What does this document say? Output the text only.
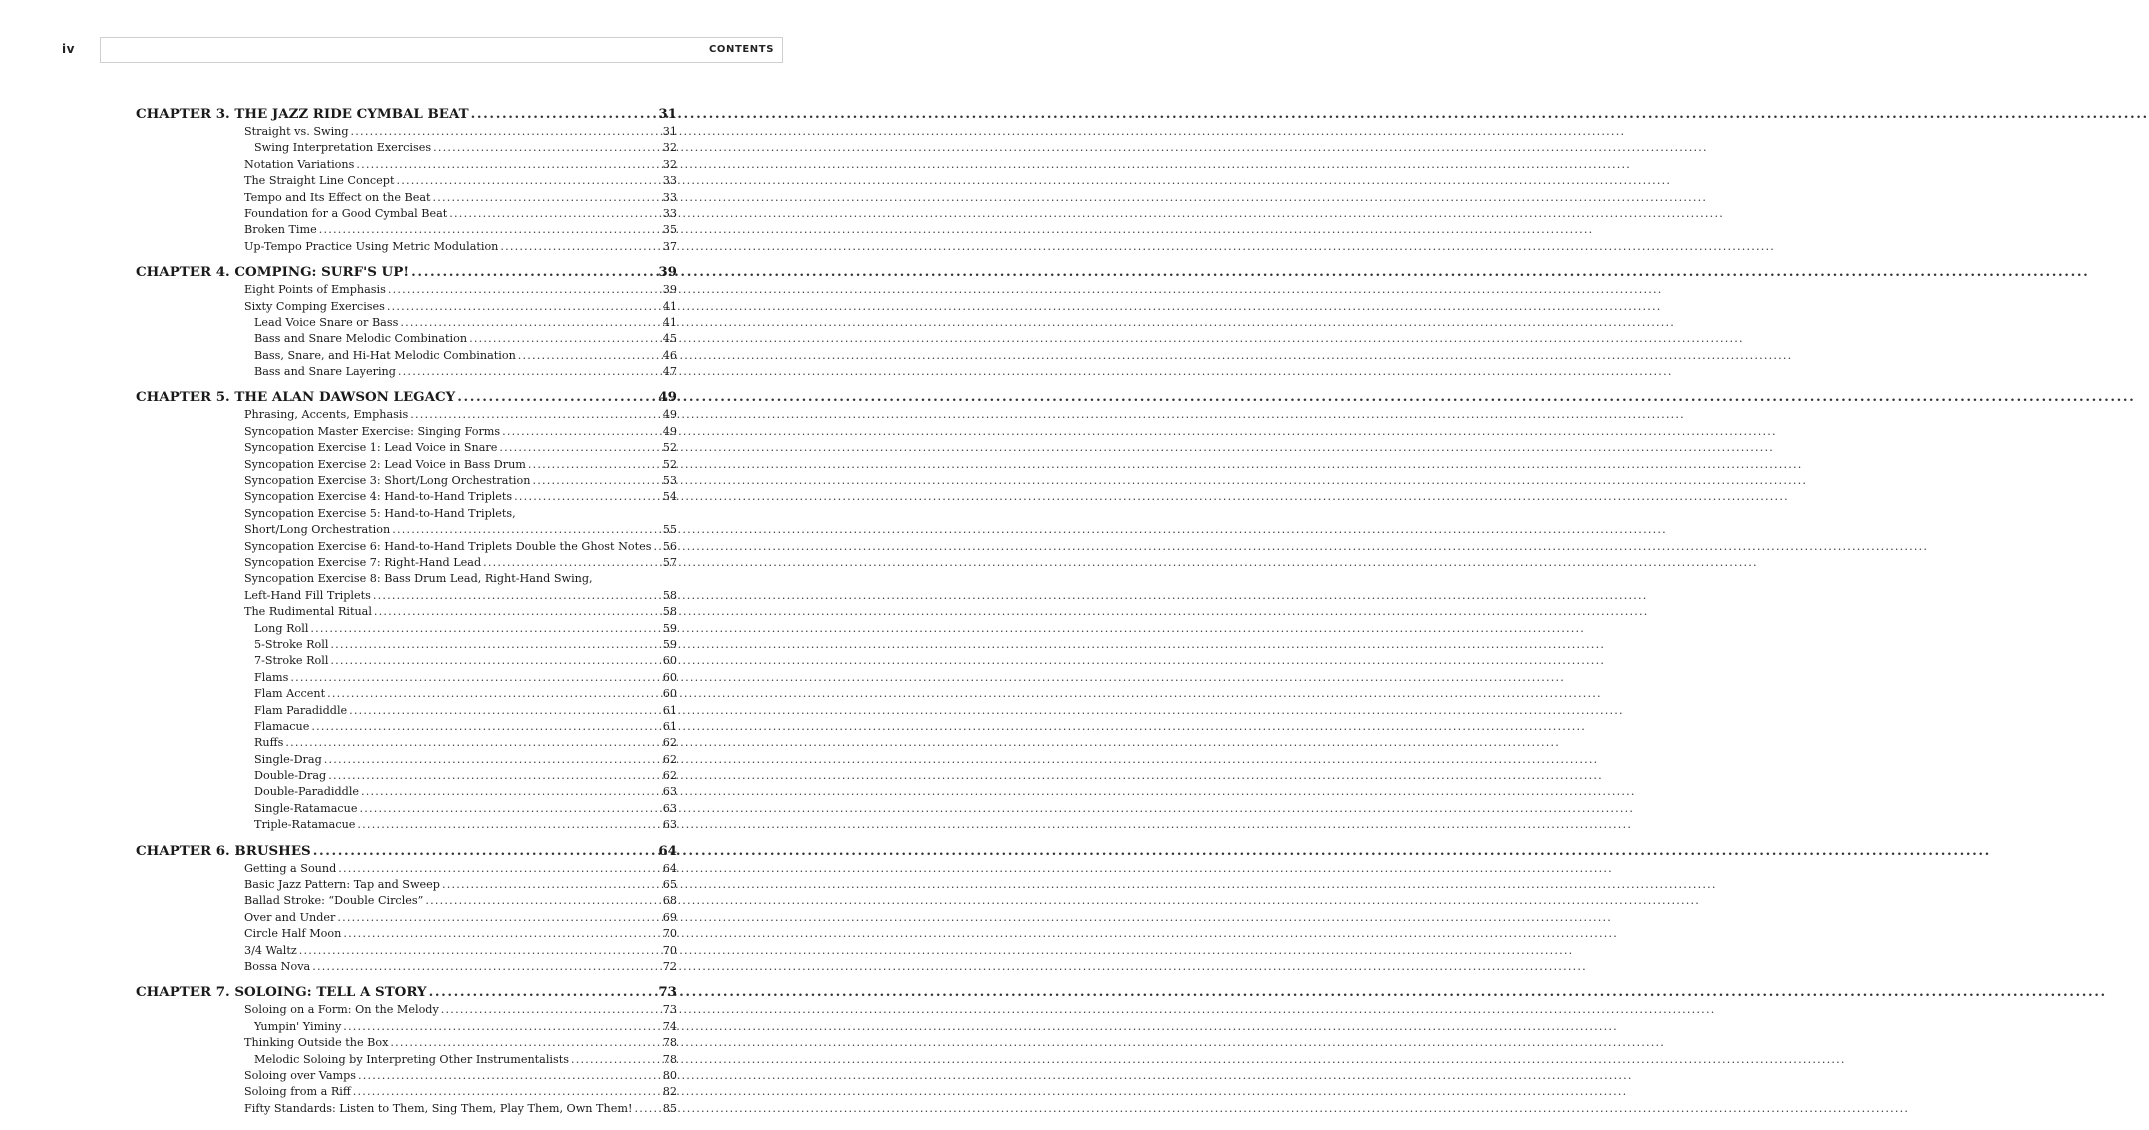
iv	CONTENTS
CHAPTER 3. THE JAZZ RIDE CYMBAL BEAT .....	31
Straight vs. Swing .....	31
Swing Interpretation Exercises .....	32
Notation Variations .....	32
The Straight Line Concept .....	33
Tempo and Its Effect on the Beat .....	33
Foundation for a Good Cymbal Beat .....	33
Broken Time .....	35
Up-Tempo Practice Using Metric Modulation .....	37
CHAPTER 4. COMPING: SURF'S UP! .....	39
Eight Points of Emphasis .....	39
Sixty Comping Exercises .....	41
Lead Voice Snare or Bass .....	41
Bass and Snare Melodic Combination .....	45
Bass, Snare, and Hi-Hat Melodic Combination .....	46
Bass and Snare Layering .....	47
CHAPTER 5. THE ALAN DAWSON LEGACY .....	49
Phrasing, Accents, Emphasis .....	49
Syncopation Master Exercise: Singing Forms .....	49
Syncopation Exercise 1: Lead Voice in Snare .....	52
Syncopation Exercise 2: Lead Voice in Bass Drum .....	52
Syncopation Exercise 3: Short/Long Orchestration .....	53
Syncopation Exercise 4: Hand-to-Hand Triplets .....	54
Syncopation Exercise 5: Hand-to-Hand Triplets,
Short/Long Orchestration .....	55
Syncopation Exercise 6: Hand-to-Hand Triplets Double the Ghost Notes ..... 56
Syncopation Exercise 7: Right-Hand Lead .....	57
Syncopation Exercise 8: Bass Drum Lead, Right-Hand Swing,
Left-Hand Fill Triplets .....	58
The Rudimental Ritual .....	58
Long Roll .....	59
5-Stroke Roll .....	59
7-Stroke Roll .....	60
Flams .....	60
Flam Accent .....	60
Flam Paradiddle .....	61
Flamacue .....	61
Ruffs .....	62
Single-Drag .....	62
Double-Drag .....	62
Double-Paradiddle .....	63
Single-Ratamacue .....	63
Triple-Ratamacue .....	63
CHAPTER 6. BRUSHES .....	64
Getting a Sound .....	64
Basic Jazz Pattern: Tap and Sweep .....	65
Ballad Stroke: “Double Circles” .....	68
Over and Under .....	69
Circle Half Moon .....	70
3/4 Waltz .....	70
Bossa Nova .....	72
CHAPTER 7. SOLOING: TELL A STORY .....	73
Soloing on a Form: On the Melody .....	73
Yumpin' Yiminy .....	74
Thinking Outside the Box .....	78
Melodic Soloing by Interpreting Other Instrumentalists .....	78
Soloing over Vamps .....	80
Soloing from a Riff .....	82
Fifty Standards: Listen to Them, Sing Them, Play Them, Own Them! .....	85
